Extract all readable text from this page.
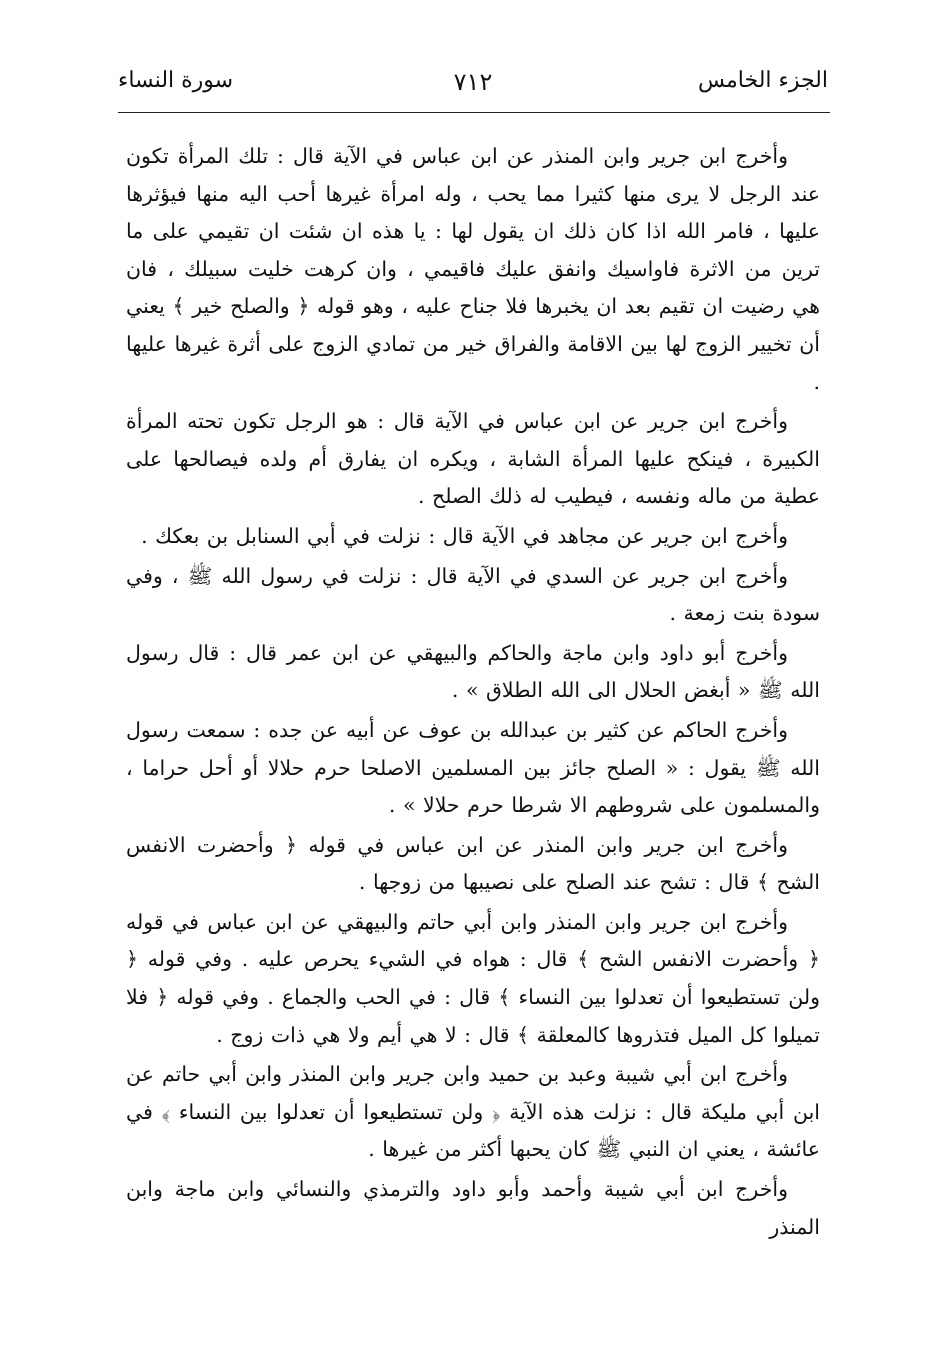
الجزء الخامس
٧١٢
سورة النساء

وأخرج ابن جرير وابن المنذر عن ابن عباس في الآية قال : تلك المرأة تكون عند الرجل لا يرى منها كثيرا مما يحب ، وله امرأة غيرها أحب اليه منها فيؤثرها عليها ، فامر الله اذا كان ذلك ان يقول لها : يا هذه ان شئت ان تقيمي على ما ترين من الاثرة فاواسيك وانفق عليك فاقيمي ، وان كرهت خليت سبيلك ، فان هي رضيت ان تقيم بعد ان يخبرها فلا جناح عليه ، وهو قوله ﴿ والصلح خير ﴾ يعني أن تخيير الزوج لها بين الاقامة والفراق خير من تمادي الزوج على أثرة غيرها عليها .

وأخرج ابن جرير عن ابن عباس في الآية قال : هو الرجل تكون تحته المرأة الكبيرة ، فينكح عليها المرأة الشابة ، ويكره ان يفارق أم ولده فيصالحها على عطية من ماله ونفسه ، فيطيب له ذلك الصلح .

وأخرج ابن جرير عن مجاهد في الآية قال : نزلت في أبي السنابل بن بعكك .

وأخرج ابن جرير عن السدي في الآية قال : نزلت في رسول الله ﷺ ، وفي سودة بنت زمعة .

وأخرج أبو داود وابن ماجة والحاكم والبيهقي عن ابن عمر قال : قال رسول الله ﷺ « أبغض الحلال الى الله الطلاق » .

وأخرج الحاكم عن كثير بن عبدالله بن عوف عن أبيه عن جده : سمعت رسول الله ﷺ يقول : « الصلح جائز بين المسلمين الاصلحا حرم حلالا أو أحل حراما ، والمسلمون على شروطهم الا شرطا حرم حلالا » .

وأخرج ابن جرير وابن المنذر عن ابن عباس في قوله ﴿ وأحضرت الانفس الشح ﴾ قال : تشح عند الصلح على نصيبها من زوجها .

وأخرج ابن جرير وابن المنذر وابن أبي حاتم والبيهقي عن ابن عباس في قوله ﴿ وأحضرت الانفس الشح ﴾ قال : هواه في الشيء يحرص عليه . وفي قوله ﴿ ولن تستطيعوا أن تعدلوا بين النساء ﴾ قال : في الحب والجماع . وفي قوله ﴿ فلا تميلوا كل الميل فتذروها كالمعلقة ﴾ قال : لا هي أيم ولا هي ذات زوج .

وأخرج ابن أبي شيبة وعبد بن حميد وابن جرير وابن المنذر وابن أبي حاتم عن ابن أبي مليكة قال : نزلت هذه الآية ﴿ ولن تستطيعوا أن تعدلوا بين النساء ﴾ في عائشة ، يعني ان النبي ﷺ كان يحبها أكثر من غيرها .

وأخرج ابن أبي شيبة وأحمد وأبو داود والترمذي والنسائي وابن ماجة وابن المنذر
